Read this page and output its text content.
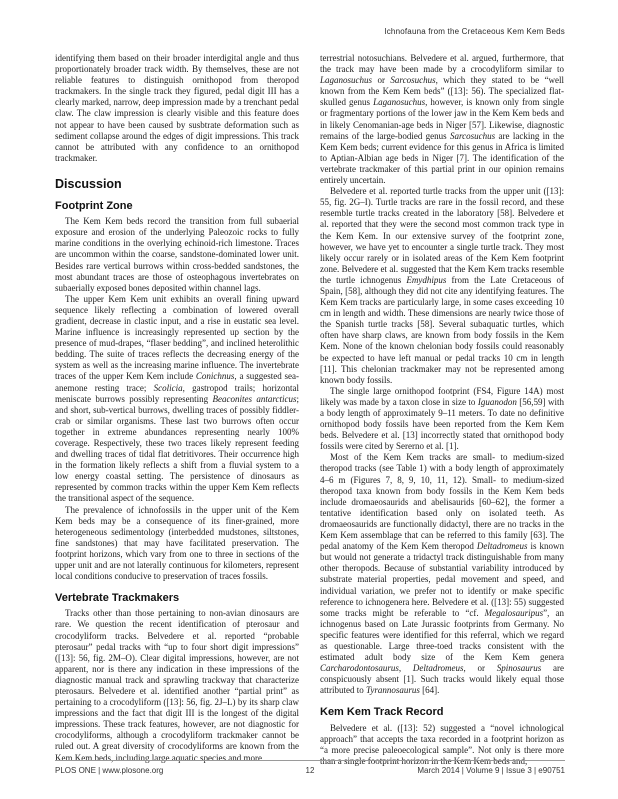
Ichnofauna from the Cretaceous Kem Kem Beds

identifying them based on their broader interdigital angle and thus proportionately broader track width. By themselves, these are not reliable features to distinguish ornithopod from theropod trackmakers. In the single track they figured, pedal digit III has a clearly marked, narrow, deep impression made by a trenchant pedal claw. The claw impression is clearly visible and this feature does not appear to have been caused by susbtrate deformation such as sediment collapse around the edges of digit impressions. This track cannot be attributed with any confidence to an ornithopod trackmaker.

Discussion
Footprint Zone

The Kem Kem beds record the transition from full subaerial exposure and erosion of the underlying Paleozoic rocks to fully marine conditions in the overlying echinoid-rich limestone. Traces are uncommon within the coarse, sandstone-dominated lower unit. Besides rare vertical burrows within cross-bedded sandstones, the most abundant traces are those of osteophagous invertebrates on subaerially exposed bones deposited within channel lags.

The upper Kem Kem unit exhibits an overall fining upward sequence likely reflecting a combination of lowered overall gradient, decrease in clastic input, and a rise in eustatic sea level. Marine influence is increasingly represented up section by the presence of mud-drapes, “flaser bedding”, and inclined heterolithic bedding. The suite of traces reflects the decreasing energy of the system as well as the increasing marine influence. The invertebrate traces of the upper Kem Kem include Conichnus, a suggested sea-anemone resting trace; Scolicia, gastropod trails; horizontal meniscate burrows possibly representing Beaconites antarcticus; and short, sub-vertical burrows, dwelling traces of possibly fiddler-crab or similar organisms. These last two burrows often occur together in extreme abundances representing nearly 100% coverage. Respectively, these two traces likely represent feeding and dwelling traces of tidal flat detritivores. Their occurrence high in the formation likely reflects a shift from a fluvial system to a low energy coastal setting. The persistence of dinosaurs as represented by common tracks within the upper Kem Kem reflects the transitional aspect of the sequence.

The prevalence of ichnofossils in the upper unit of the Kem Kem beds may be a consequence of its finer-grained, more heterogeneous sedimentology (interbedded mudstones, siltstones, fine sandstones) that may have facilitated preservation. The footprint horizons, which vary from one to three in sections of the upper unit and are not laterally continuous for kilometers, represent local conditions conducive to preservation of traces fossils.

Vertebrate Trackmakers

Tracks other than those pertaining to non-avian dinosaurs are rare. We question the recent identification of pterosaur and crocodyliform tracks. Belvedere et al. reported “probable pterosaur” pedal tracks with “up to four short digit impressions” ([13]: 56, fig. 2M–O). Clear digital impressions, however, are not apparent, nor is there any indication in these impressions of the diagnostic manual track and sprawling trackway that characterize pterosaurs. Belvedere et al. identified another “partial print” as pertaining to a crocodyliform ([13]: 56, fig. 2J–L) by its sharp claw impressions and the fact that digit III is the longest of the digital impressions. These track features, however, are not diagnostic for crocodyliforms, although a crocodyliform trackmaker cannot be ruled out. A great diversity of crocodyliforms are known from the Kem Kem beds, including large aquatic species and more

terrestrial notosuchians. Belvedere et al. argued, furthermore, that the track may have been made by a crocodyliform similar to Laganosuchus or Sarcosuchus, which they stated to be “well known from the Kem Kem beds” ([13]: 56). The specialized flat-skulled genus Laganosuchus, however, is known only from single or fragmentary portions of the lower jaw in the Kem Kem beds and in likely Cenomanian-age beds in Niger [57]. Likewise, diagnostic remains of the large-bodied genus Sarcosuchus are lacking in the Kem Kem beds; current evidence for this genus in Africa is limited to Aptian-Albian age beds in Niger [7]. The identification of the vertebrate trackmaker of this partial print in our opinion remains entirely uncertain.

Belvedere et al. reported turtle tracks from the upper unit ([13]: 55, fig. 2G–I). Turtle tracks are rare in the fossil record, and these resemble turtle tracks created in the laboratory [58]. Belvedere et al. reported that they were the second most common track type in the Kem Kem. In our extensive survey of the footprint zone, however, we have yet to encounter a single turtle track. They most likely occur rarely or in isolated areas of the Kem Kem footprint zone. Belvedere et al. suggested that the Kem Kem tracks resemble the turtle ichnogenus Emydhipus from the Late Cretaceous of Spain, [58], although they did not cite any identifying features. The Kem Kem tracks are particularly large, in some cases exceeding 10 cm in length and width. These dimensions are nearly twice those of the Spanish turtle tracks [58]. Several subaquatic turtles, which often have sharp claws, are known from body fossils in the Kem Kem. None of the known chelonian body fossils could reasonably be expected to have left manual or pedal tracks 10 cm in length [11]. This chelonian trackmaker may not be represented among known body fossils.

The single large ornithopod footprint (FS4, Figure 14A) most likely was made by a taxon close in size to Iguanodon [56,59] with a body length of approximately 9–11 meters. To date no definitive ornithopod body fossils have been reported from the Kem Kem beds. Belvedere et al. [13] incorrectly stated that ornithopod body fossils were cited by Sererno et al. [1].

Most of the Kem Kem tracks are small- to medium-sized theropod tracks (see Table 1) with a body length of approximately 4–6 m (Figures 7, 8, 9, 10, 11, 12). Small- to medium-sized theropod taxa known from body fossils in the Kem Kem beds include dromaeosaurids and abelisaurids [60–62], the former a tentative identification based only on isolated teeth. As dromaeosaurids are functionally didactyl, there are no tracks in the Kem Kem assemblage that can be referred to this family [63]. The pedal anatomy of the Kem Kem theropod Deltadromeus is known but would not generate a tridactyl track distinguishable from many other theropods. Because of substantial variability introduced by substrate material properties, pedal movement and speed, and individual variation, we prefer not to identify or make specific reference to ichnogenera here. Belvedere et al. ([13]: 55) suggested some tracks might be referable to “cf. Megalosauripus”, an ichnogenus based on Late Jurassic footprints from Germany. No specific features were identified for this referral, which we regard as questionable. Large three-toed tracks consistent with the estimated adult body size of the Kem Kem genera Carcharodontosaurus, Deltadromeus, or Spinosaurus are conspicuously absent [1]. Such tracks would likely equal those attributed to Tyrannosaurus [64].

Kem Kem Track Record

Belvedere et al. ([13]: 52) suggested a “novel ichnological approach” that accepts the taxa recorded in a footprint horizon as “a more precise paleoecological sample”. Not only is there more than a single footprint horizon in the Kem Kem beds and,

PLOS ONE | www.plosone.org	12	March 2014 | Volume 9 | Issue 3 | e90751
